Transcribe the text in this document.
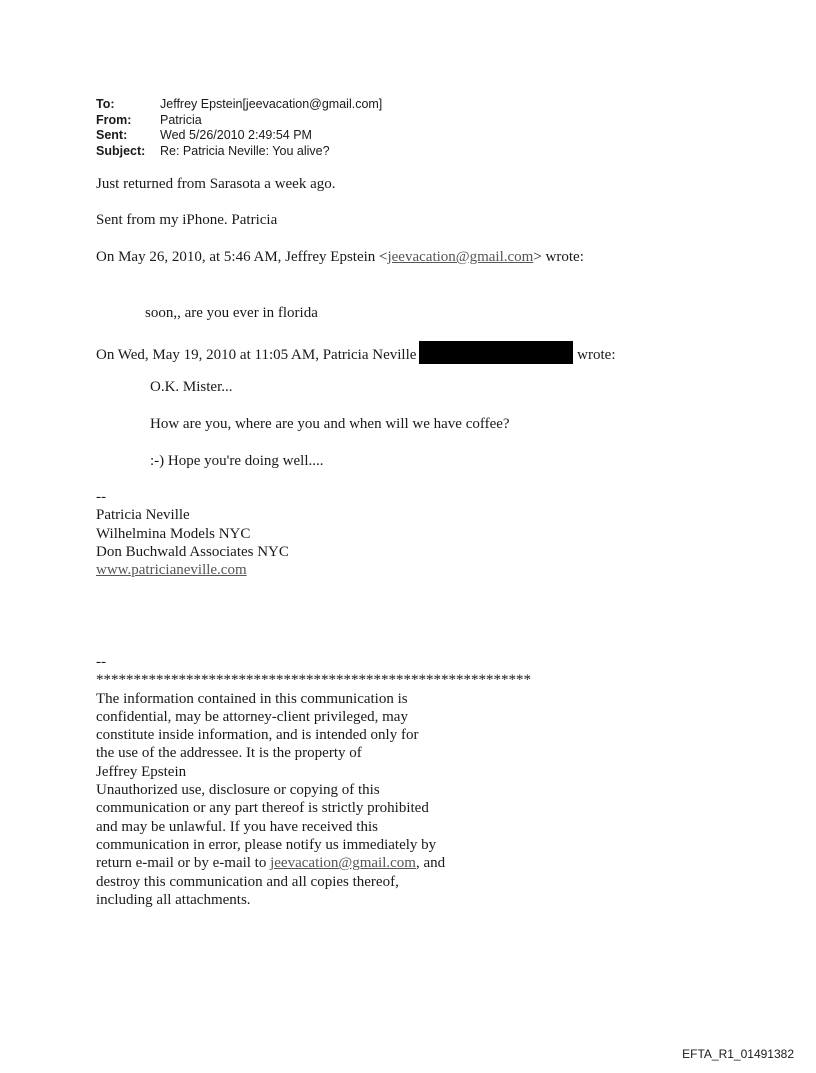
To:	Jeffrey Epstein[jeevacation@gmail.com]
From:	Patricia
Sent:	Wed 5/26/2010 2:49:54 PM
Subject:	Re: Patricia Neville: You alive?
Just returned from Sarasota a week ago.
Sent from my iPhone. Patricia
On May 26, 2010, at 5:46 AM, Jeffrey Epstein <jeevacation@gmail.com> wrote:
soon,, are you ever in florida
On Wed, May 19, 2010 at 11:05 AM, Patricia Neville	wrote:
O.K. Mister...
How are you, where are you and when will we have coffee?
:-) Hope you're doing well....
--
Patricia Neville
Wilhelmina Models NYC
Don Buchwald Associates NYC
www.patricianeville.com
--
**********************************************************
The information contained in this communication is
confidential, may be attorney-client privileged, may
constitute inside information, and is intended only for
the use of the addressee. It is the property of
Jeffrey Epstein
Unauthorized use, disclosure or copying of this
communication or any part thereof is strictly prohibited
and may be unlawful. If you have received this
communication in error, please notify us immediately by
return e-mail or by e-mail to jeevacation@gmail.com, and
destroy this communication and all copies thereof,
including all attachments.
EFTA_R1_01491382
